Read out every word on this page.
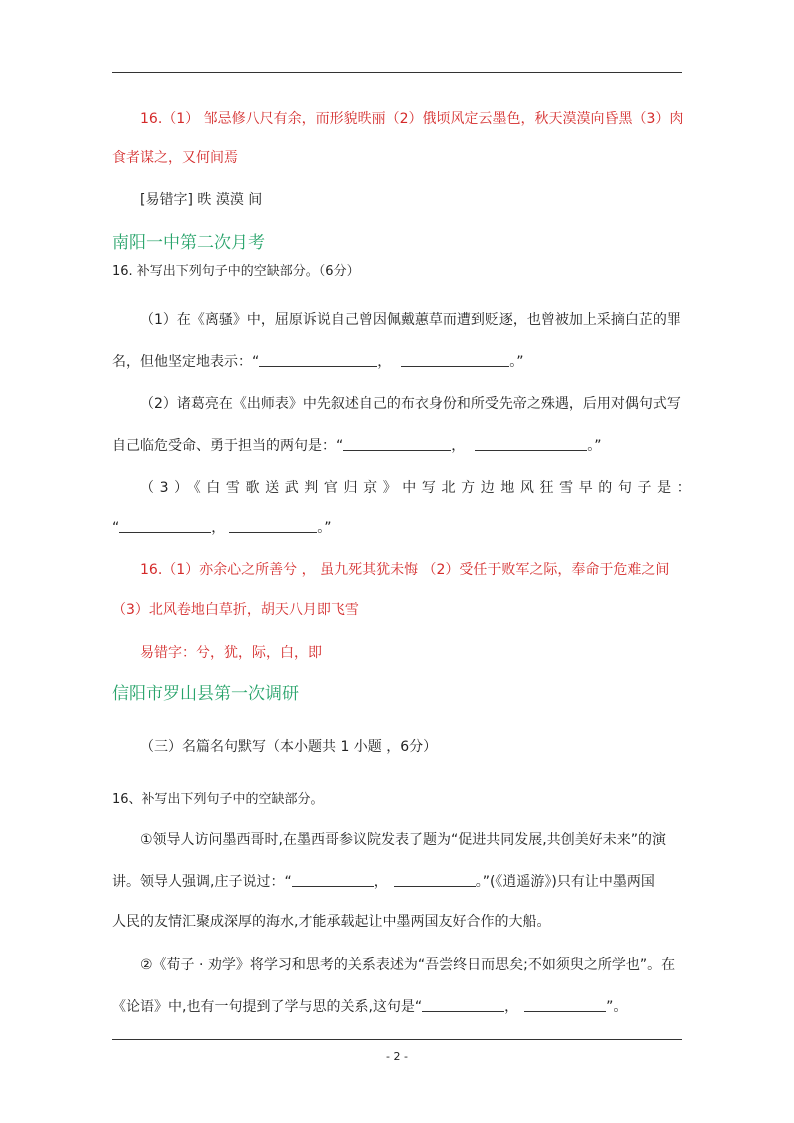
16.（1） 邹忌修八尺有余，而形貌昳丽（2）俄顷风定云墨色，秋天漠漠向昏黑（3）肉
食者谋之，又何间焉
[易错字] 昳 漠漠 间
南阳一中第二次月考
16. 补写出下列句子中的空缺部分。（6分）
（1）在《离骚》中，屈原诉说自己曾因佩戴蕙草而遭到贬逐，也曾被加上采摘白芷的罪
名，但他坚定地表示：“	，	。”
（2）诸葛亮在《出师表》中先叙述自己的布衣身份和所受先帝之殊遇，后用对偶句式写
自己临危受命、勇于担当的两句是：“	，	。”
（3）《白雪歌送武判官归京》中写北方边地风狂雪早的句子是：
“	，	。”
16.（1）亦余心之所善兮 ， 虽九死其犹未悔 （2）受任于败军之际，奉命于危难之间
（3）北风卷地白草折，胡天八月即飞雪
易错字：兮，犹，际，白，即
信阳市罗山县第一次调研
（三）名篇名句默写（本小题共 1 小题 ，6分）
16、补写出下列句子中的空缺部分。
①领导人访问墨西哥时,在墨西哥参议院发表了题为“促进共同发展,共创美好未来”的演
讲。领导人强调,庄子说过：“	，	。”(《逍遥游》)只有让中墨两国
人民的友情汇聚成深厚的海水,才能承载起让中墨两国友好合作的大船。
②《荀子 · 劝学》将学习和思考的关系表述为“吾尝终日而思矣;不如须臾之所学也”。在
《论语》中,也有一句提到了学与思的关系,这句是“	，	”。
- 2 -
